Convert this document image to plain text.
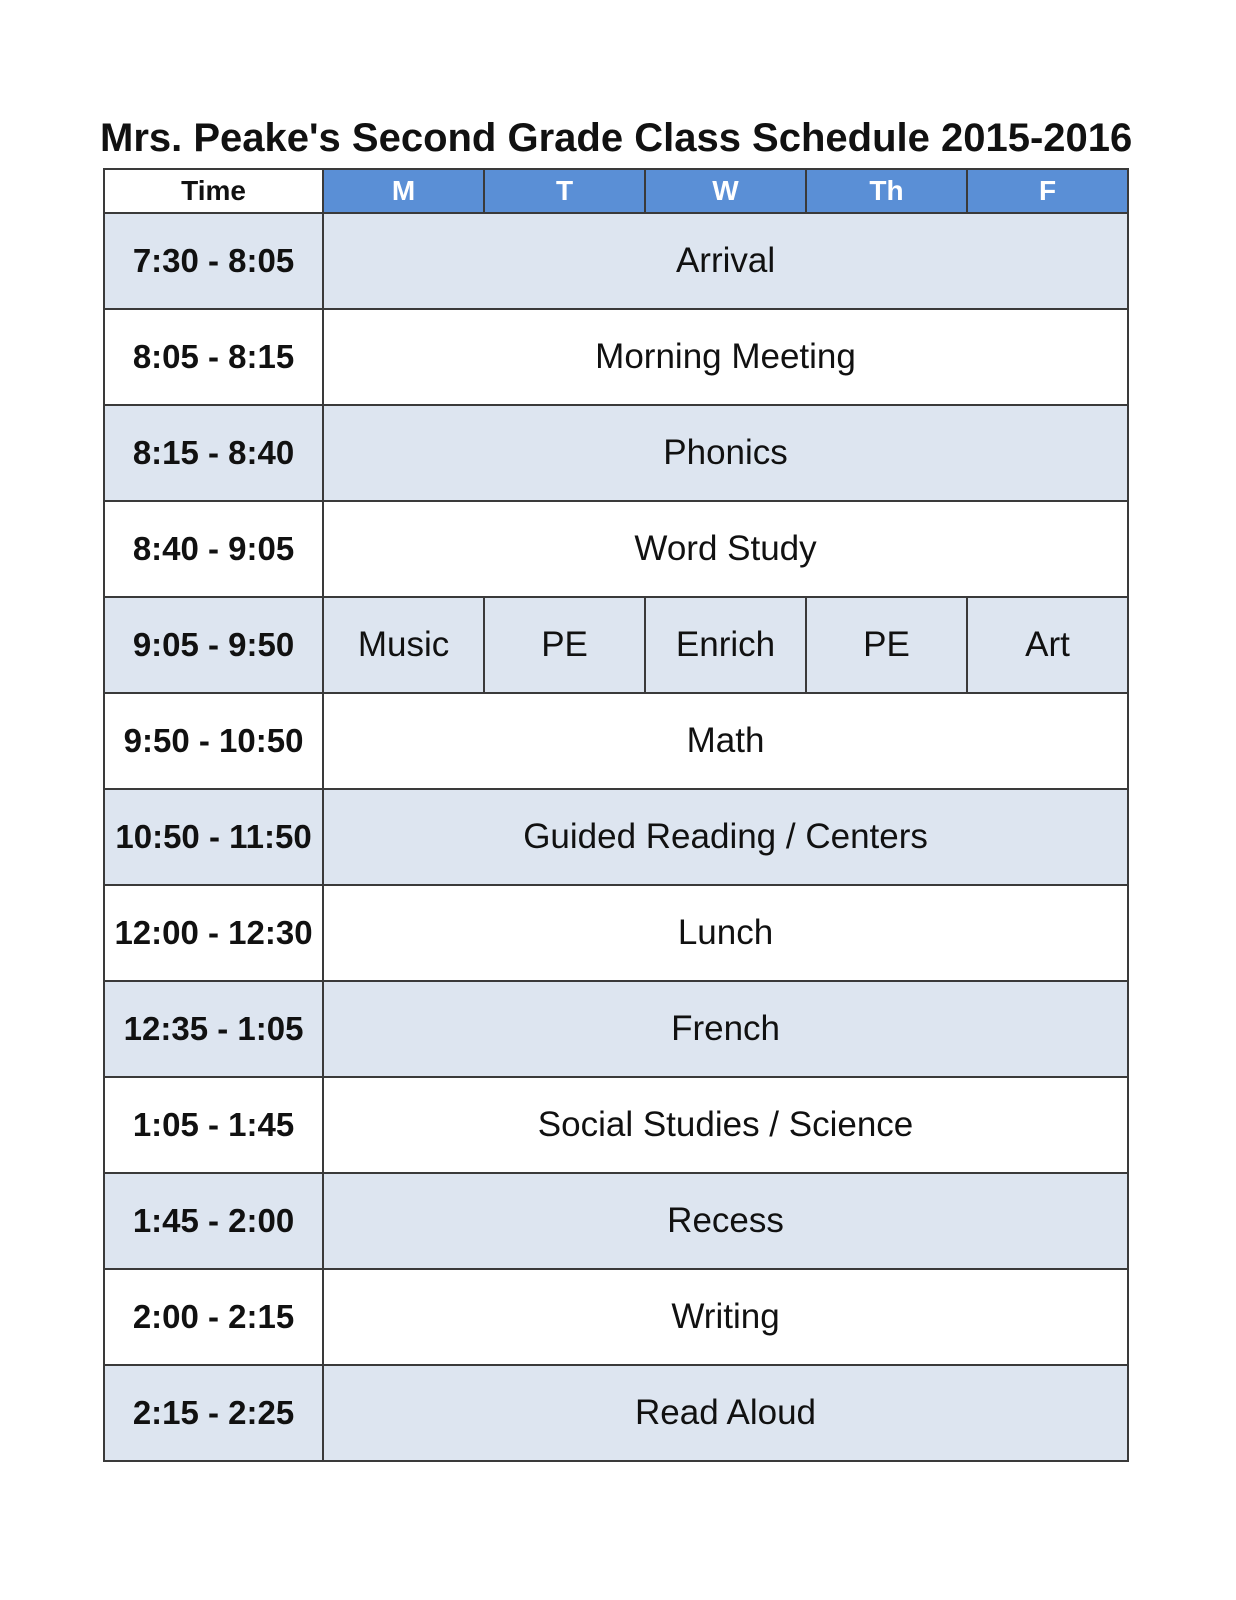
Mrs. Peake's Second Grade Class Schedule 2015-2016
Time	M	T	W	Th	F
7:30 - 8:05	Arrival				
8:05 - 8:15	Morning Meeting				
8:15 - 8:40	Phonics				
8:40 - 9:05	Word Study				
9:05 - 9:50	Music	PE	Enrich	PE	Art
9:50 - 10:50	Math				
10:50 - 11:50	Guided Reading / Centers				
12:00 - 12:30	Lunch				
12:35 - 1:05	French				
1:05 - 1:45	Social Studies / Science				
1:45 - 2:00	Recess				
2:00 - 2:15	Writing				
2:15 - 2:25	Read Aloud				
